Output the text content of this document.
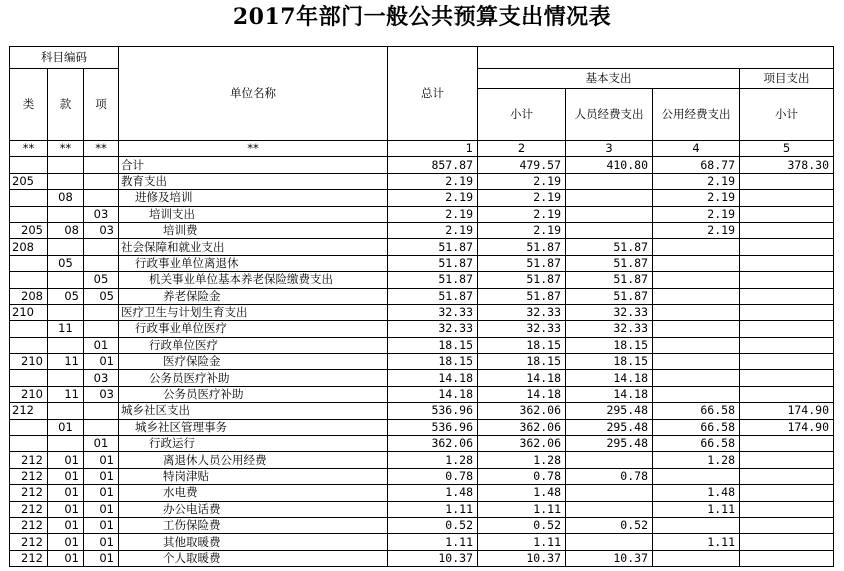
2017年部门一般公共预算支出情况表
科目编码			单位名称	总计				
类	款	项			基本支出			项目支出
					小计	人员经费支出	公用经费支出	小计
**	**	**	**	1	2	3	4	5
			合计	857.87	479.57	410.80	68.77	378.30
205			教育支出	2.19	2.19		2.19	
	08		进修及培训	2.19	2.19		2.19	
		03	培训支出	2.19	2.19		2.19	
205	08	03	培训费	2.19	2.19		2.19	
208			社会保障和就业支出	51.87	51.87	51.87		
	05		行政事业单位离退休	51.87	51.87	51.87		
		05	机关事业单位基本养老保险缴费支出	51.87	51.87	51.87		
208	05	05	养老保险金	51.87	51.87	51.87		
210			医疗卫生与计划生育支出	32.33	32.33	32.33		
	11		行政事业单位医疗	32.33	32.33	32.33		
		01	行政单位医疗	18.15	18.15	18.15		
210	11	01	医疗保险金	18.15	18.15	18.15		
		03	公务员医疗补助	14.18	14.18	14.18		
210	11	03	公务员医疗补助	14.18	14.18	14.18		
212			城乡社区支出	536.96	362.06	295.48	66.58	174.90
	01		城乡社区管理事务	536.96	362.06	295.48	66.58	174.90
		01	行政运行	362.06	362.06	295.48	66.58	
212	01	01	离退休人员公用经费	1.28	1.28		1.28	
212	01	01	特岗津贴	0.78	0.78	0.78		
212	01	01	水电费	1.48	1.48		1.48	
212	01	01	办公电话费	1.11	1.11		1.11	
212	01	01	工伤保险费	0.52	0.52	0.52		
212	01	01	其他取暖费	1.11	1.11		1.11	
212	01	01	个人取暖费	10.37	10.37	10.37		
